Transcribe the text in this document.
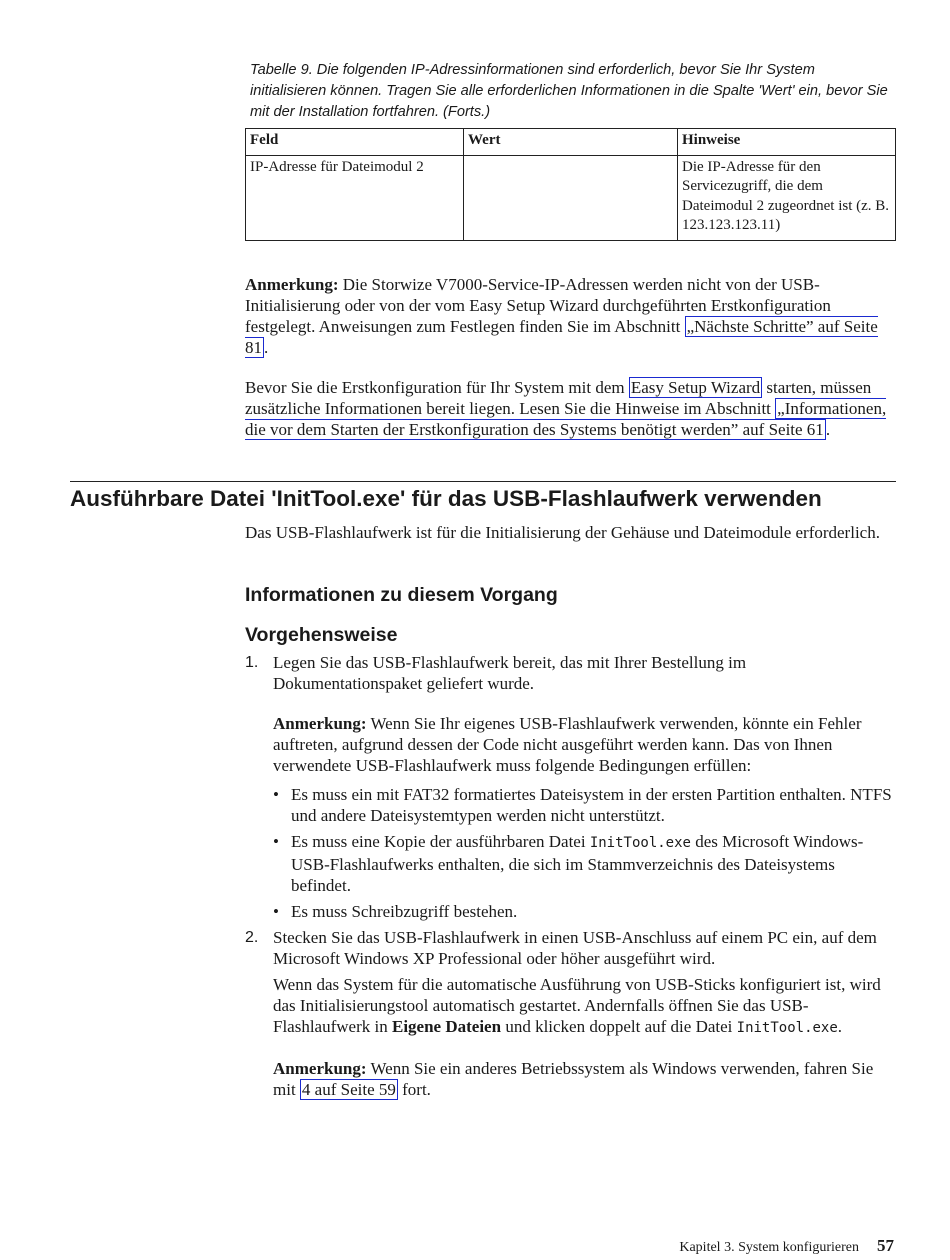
Tabelle 9. Die folgenden IP-Adressinformationen sind erforderlich, bevor Sie Ihr System initialisieren können. Tragen Sie alle erforderlichen Informationen in die Spalte 'Wert' ein, bevor Sie mit der Installation fortfahren. (Forts.)
Feld	Wert	Hinweise
IP-Adresse für Dateimodul 2		Die IP-Adresse für den Servicezugriff, die dem Dateimodul 2 zugeordnet ist (z. B. 123.123.123.11)

Anmerkung: Die Storwize V7000-Service-IP-Adressen werden nicht von der USB-Initialisierung oder von der vom Easy Setup Wizard durchgeführten Erstkonfiguration festgelegt. Anweisungen zum Festlegen finden Sie im Abschnitt „Nächste Schritte” auf Seite 81 .

Bevor Sie die Erstkonfiguration für Ihr System mit dem Easy Setup Wizard starten, müssen zusätzliche Informationen bereit liegen. Lesen Sie die Hinweise im Abschnitt „Informationen, die vor dem Starten der Erstkonfiguration des Systems benötigt werden” auf Seite 61 .

Ausführbare Datei 'InitTool.exe' für das USB-Flashlaufwerk verwenden

Das USB-Flashlaufwerk ist für die Initialisierung der Gehäuse und Dateimodule erforderlich.

Informationen zu diesem Vorgang
Vorgehensweise
1. Legen Sie das USB-Flashlaufwerk bereit, das mit Ihrer Bestellung im Dokumentationspaket geliefert wurde.

Anmerkung: Wenn Sie Ihr eigenes USB-Flashlaufwerk verwenden, könnte ein Fehler auftreten, aufgrund dessen der Code nicht ausgeführt werden kann. Das von Ihnen verwendete USB-Flashlaufwerk muss folgende Bedingungen erfüllen:

• Es muss ein mit FAT32 formatiertes Dateisystem in der ersten Partition enthalten. NTFS und andere Dateisystemtypen werden nicht unterstützt.
• Es muss eine Kopie der ausführbaren Datei InitTool.exe des Microsoft Windows-USB-Flashlaufwerks enthalten, die sich im Stammverzeichnis des Dateisystems befindet.
• Es muss Schreibzugriff bestehen.
2. Stecken Sie das USB-Flashlaufwerk in einen USB-Anschluss auf einem PC ein, auf dem Microsoft Windows XP Professional oder höher ausgeführt wird.

Wenn das System für die automatische Ausführung von USB-Sticks konfiguriert ist, wird das Initialisierungstool automatisch gestartet. Andernfalls öffnen Sie das USB-Flashlaufwerk in Eigene Dateien und klicken doppelt auf die Datei InitTool.exe.

Anmerkung: Wenn Sie ein anderes Betriebssystem als Windows verwenden, fahren Sie mit 4 auf Seite 59 fort.

Kapitel 3. System konfigurieren 57
